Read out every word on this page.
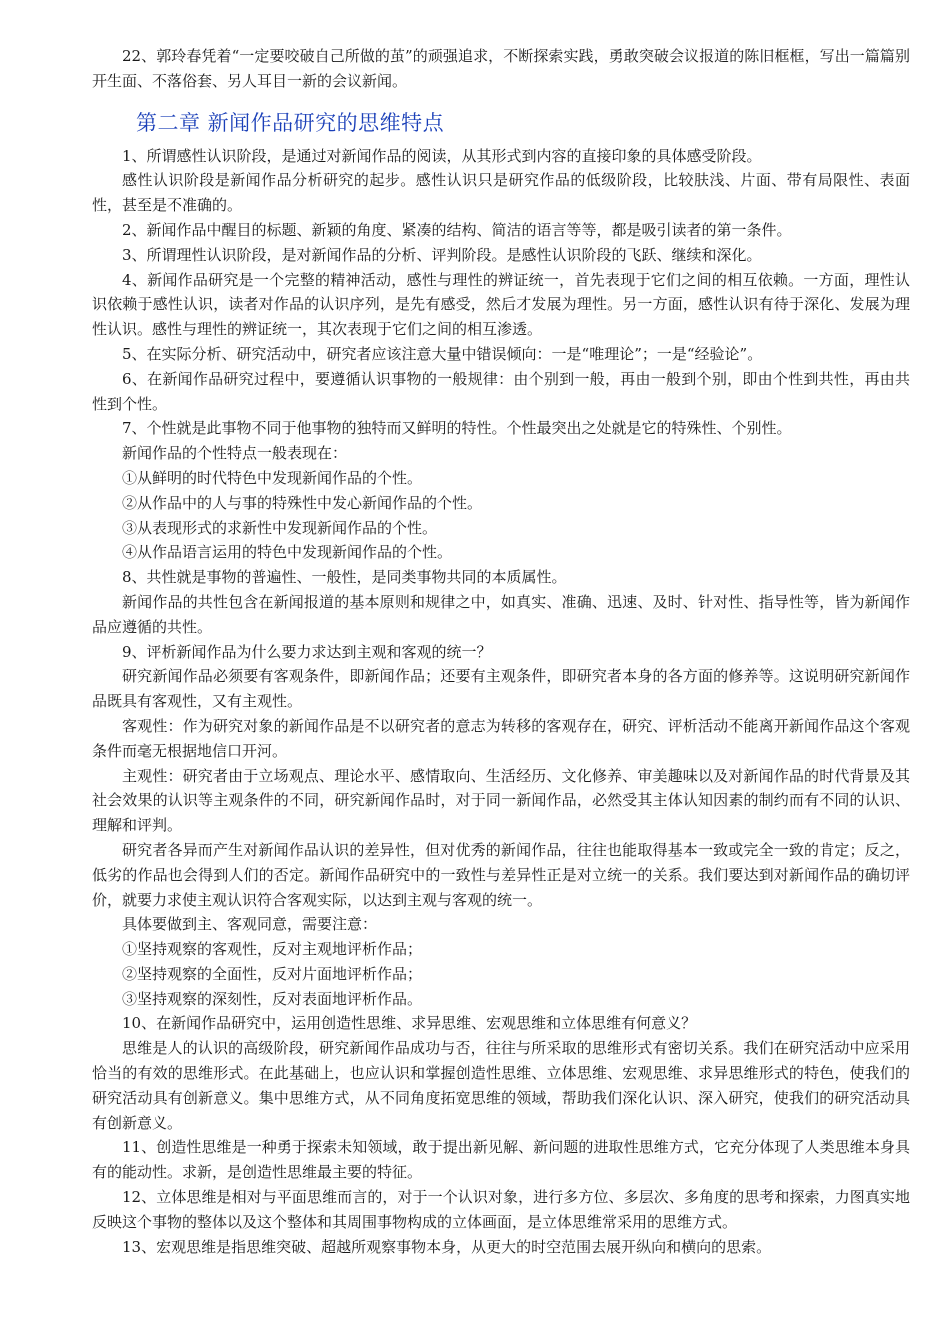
22、郭玲春凭着“一定要咬破自己所做的茧”的顽强追求，不断探索实践，勇敢突破会议报道的陈旧框框，写出一篇篇别开生面、不落俗套、另人耳目一新的会议新闻。

第二章 新闻作品研究的思维特点

1、所谓感性认识阶段，是通过对新闻作品的阅读，从其形式到内容的直接印象的具体感受阶段。

感性认识阶段是新闻作品分析研究的起步。感性认识只是研究作品的低级阶段，比较肤浅、片面、带有局限性、表面性，甚至是不准确的。

2、新闻作品中醒目的标题、新颖的角度、紧凑的结构、简洁的语言等等，都是吸引读者的第一条件。

3、所谓理性认识阶段，是对新闻作品的分析、评判阶段。是感性认识阶段的飞跃、继续和深化。

4、新闻作品研究是一个完整的精神活动，感性与理性的辨证统一，首先表现于它们之间的相互依赖。一方面，理性认识依赖于感性认识，读者对作品的认识序列，是先有感受，然后才发展为理性。另一方面，感性认识有待于深化、发展为理性认识。感性与理性的辨证统一，其次表现于它们之间的相互渗透。

5、在实际分析、研究活动中，研究者应该注意大量中错误倾向：一是“唯理论”；一是“经验论”。

6、在新闻作品研究过程中，要遵循认识事物的一般规律：由个别到一般，再由一般到个别，即由个性到共性，再由共性到个性。

7、个性就是此事物不同于他事物的独特而又鲜明的特性。个性最突出之处就是它的特殊性、个别性。

新闻作品的个性特点一般表现在：

①从鲜明的时代特色中发现新闻作品的个性。

②从作品中的人与事的特殊性中发心新闻作品的个性。

③从表现形式的求新性中发现新闻作品的个性。

④从作品语言运用的特色中发现新闻作品的个性。

8、共性就是事物的普遍性、一般性，是同类事物共同的本质属性。

新闻作品的共性包含在新闻报道的基本原则和规律之中，如真实、准确、迅速、及时、针对性、指导性等，皆为新闻作品应遵循的共性。

9、评析新闻作品为什么要力求达到主观和客观的统一？

研究新闻作品必须要有客观条件，即新闻作品；还要有主观条件，即研究者本身的各方面的修养等。这说明研究新闻作品既具有客观性，又有主观性。

客观性：作为研究对象的新闻作品是不以研究者的意志为转移的客观存在，研究、评析活动不能离开新闻作品这个客观条件而毫无根据地信口开河。

主观性：研究者由于立场观点、理论水平、感情取向、生活经历、文化修养、审美趣味以及对新闻作品的时代背景及其社会效果的认识等主观条件的不同，研究新闻作品时，对于同一新闻作品，必然受其主体认知因素的制约而有不同的认识、理解和评判。

研究者各异而产生对新闻作品认识的差异性，但对优秀的新闻作品，往往也能取得基本一致或完全一致的肯定；反之，低劣的作品也会得到人们的否定。新闻作品研究中的一致性与差异性正是对立统一的关系。我们要达到对新闻作品的确切评价，就要力求使主观认识符合客观实际，以达到主观与客观的统一。

具体要做到主、客观同意，需要注意：

①坚持观察的客观性，反对主观地评析作品；

②坚持观察的全面性，反对片面地评析作品；

③坚持观察的深刻性，反对表面地评析作品。

10、在新闻作品研究中，运用创造性思维、求异思维、宏观思维和立体思维有何意义？

思维是人的认识的高级阶段，研究新闻作品成功与否，往往与所采取的思维形式有密切关系。我们在研究活动中应采用恰当的有效的思维形式。在此基础上，也应认识和掌握创造性思维、立体思维、宏观思维、求异思维形式的特色，使我们的研究活动具有创新意义。集中思维方式，从不同角度拓宽思维的领域，帮助我们深化认识、深入研究，使我们的研究活动具有创新意义。

11、创造性思维是一种勇于探索未知领域，敢于提出新见解、新问题的进取性思维方式，它充分体现了人类思维本身具有的能动性。求新，是创造性思维最主要的特征。

12、立体思维是相对与平面思维而言的，对于一个认识对象，进行多方位、多层次、多角度的思考和探索，力图真实地反映这个事物的整体以及这个整体和其周围事物构成的立体画面，是立体思维常采用的思维方式。

13、宏观思维是指思维突破、超越所观察事物本身，从更大的时空范围去展开纵向和横向的思索。
